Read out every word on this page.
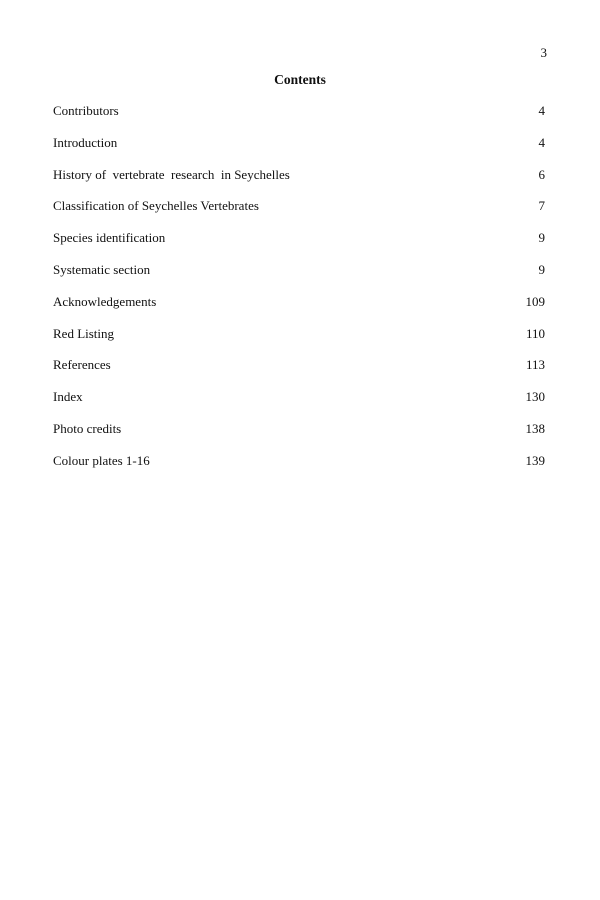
3
Contents
Contributors	4
Introduction	4
History of  vertebrate  research  in Seychelles	6
Classification of Seychelles Vertebrates	7
Species identification	9
Systematic section	9
Acknowledgements	109
Red Listing	110
References	113
Index	130
Photo credits	138
Colour plates 1-16	139
